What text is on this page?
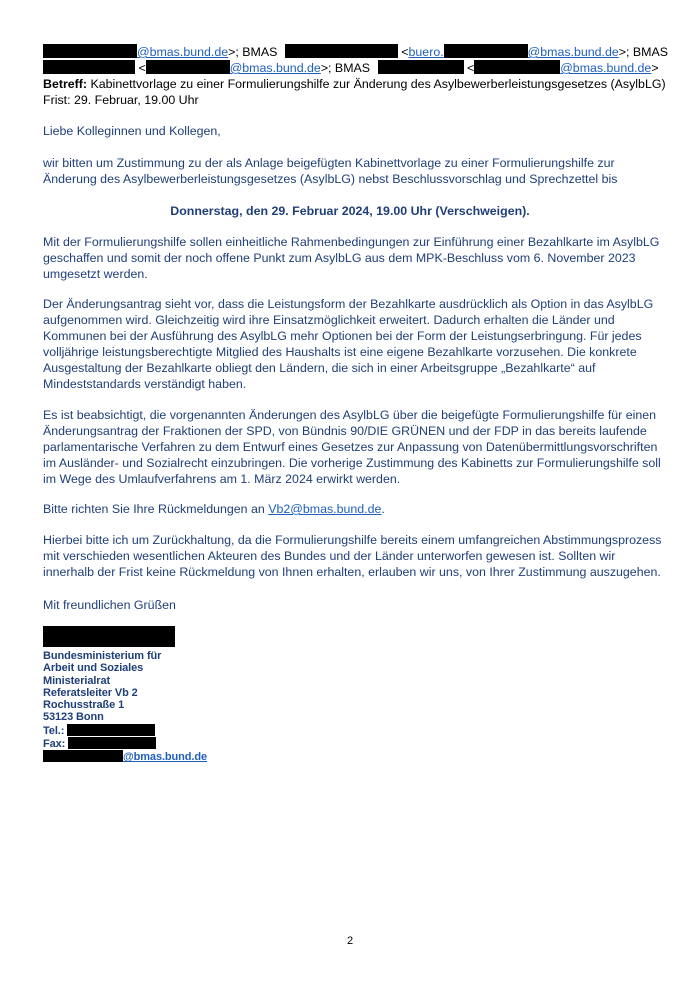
@bmas.bund.de>; BMAS	<buero.	@bmas.bund.de>; BMAS
<	@bmas.bund.de>; BMAS	<	@bmas.bund.de>
Betreff: Kabinettvorlage zu einer Formulierungshilfe zur Änderung des Asylbewerberleistungsgesetzes (AsylbLG)
Frist: 29. Februar, 19.00 Uhr
Liebe Kolleginnen und Kollegen,
wir bitten um Zustimmung zu der als Anlage beigefügten Kabinettvorlage zu einer Formulierungshilfe zur Änderung des Asylbewerberleistungsgesetzes (AsylbLG) nebst Beschlussvorschlag und Sprechzettel bis
Donnerstag, den 29. Februar 2024, 19.00 Uhr (Verschweigen).
Mit der Formulierungshilfe sollen einheitliche Rahmenbedingungen zur Einführung einer Bezahlkarte im AsylbLG geschaffen und somit der noch offene Punkt zum AsylbLG aus dem MPK-Beschluss vom 6. November 2023 umgesetzt werden.
Der Änderungsantrag sieht vor, dass die Leistungsform der Bezahlkarte ausdrücklich als Option in das AsylbLG aufgenommen wird. Gleichzeitig wird ihre Einsatzmöglichkeit erweitert. Dadurch erhalten die Länder und Kommunen bei der Ausführung des AsylbLG mehr Optionen bei der Form der Leistungserbringung. Für jedes volljährige leistungsberechtigte Mitglied des Haushalts ist eine eigene Bezahlkarte vorzusehen. Die konkrete Ausgestaltung der Bezahlkarte obliegt den Ländern, die sich in einer Arbeitsgruppe „Bezahlkarte“ auf Mindeststandards verständigt haben.
Es ist beabsichtigt, die vorgenannten Änderungen des AsylbLG über die beigefügte Formulierungshilfe für einen Änderungsantrag der Fraktionen der SPD, von Bündnis 90/DIE GRÜNEN und der FDP in das bereits laufende parlamentarische Verfahren zu dem Entwurf eines Gesetzes zur Anpassung von Datenübermittlungsvorschriften im Ausländer- und Sozialrecht einzubringen. Die vorherige Zustimmung des Kabinetts zur Formulierungshilfe soll im Wege des Umlaufverfahrens am 1. März 2024 erwirkt werden.
Bitte richten Sie Ihre Rückmeldungen an Vb2@bmas.bund.de.
Hierbei bitte ich um Zurückhaltung, da die Formulierungshilfe bereits einem umfangreichen Abstimmungsprozess mit verschieden wesentlichen Akteuren des Bundes und der Länder unterworfen gewesen ist. Sollten wir innerhalb der Frist keine Rückmeldung von Ihnen erhalten, erlauben wir uns, von Ihrer Zustimmung auszugehen.
Mit freundlichen Grüßen
Bundesministerium für
Arbeit und Soziales
Ministerialrat
Referatsleiter Vb 2
Rochusstraße 1
53123 Bonn
Tel.:
Fax:
@bmas.bund.de
2
